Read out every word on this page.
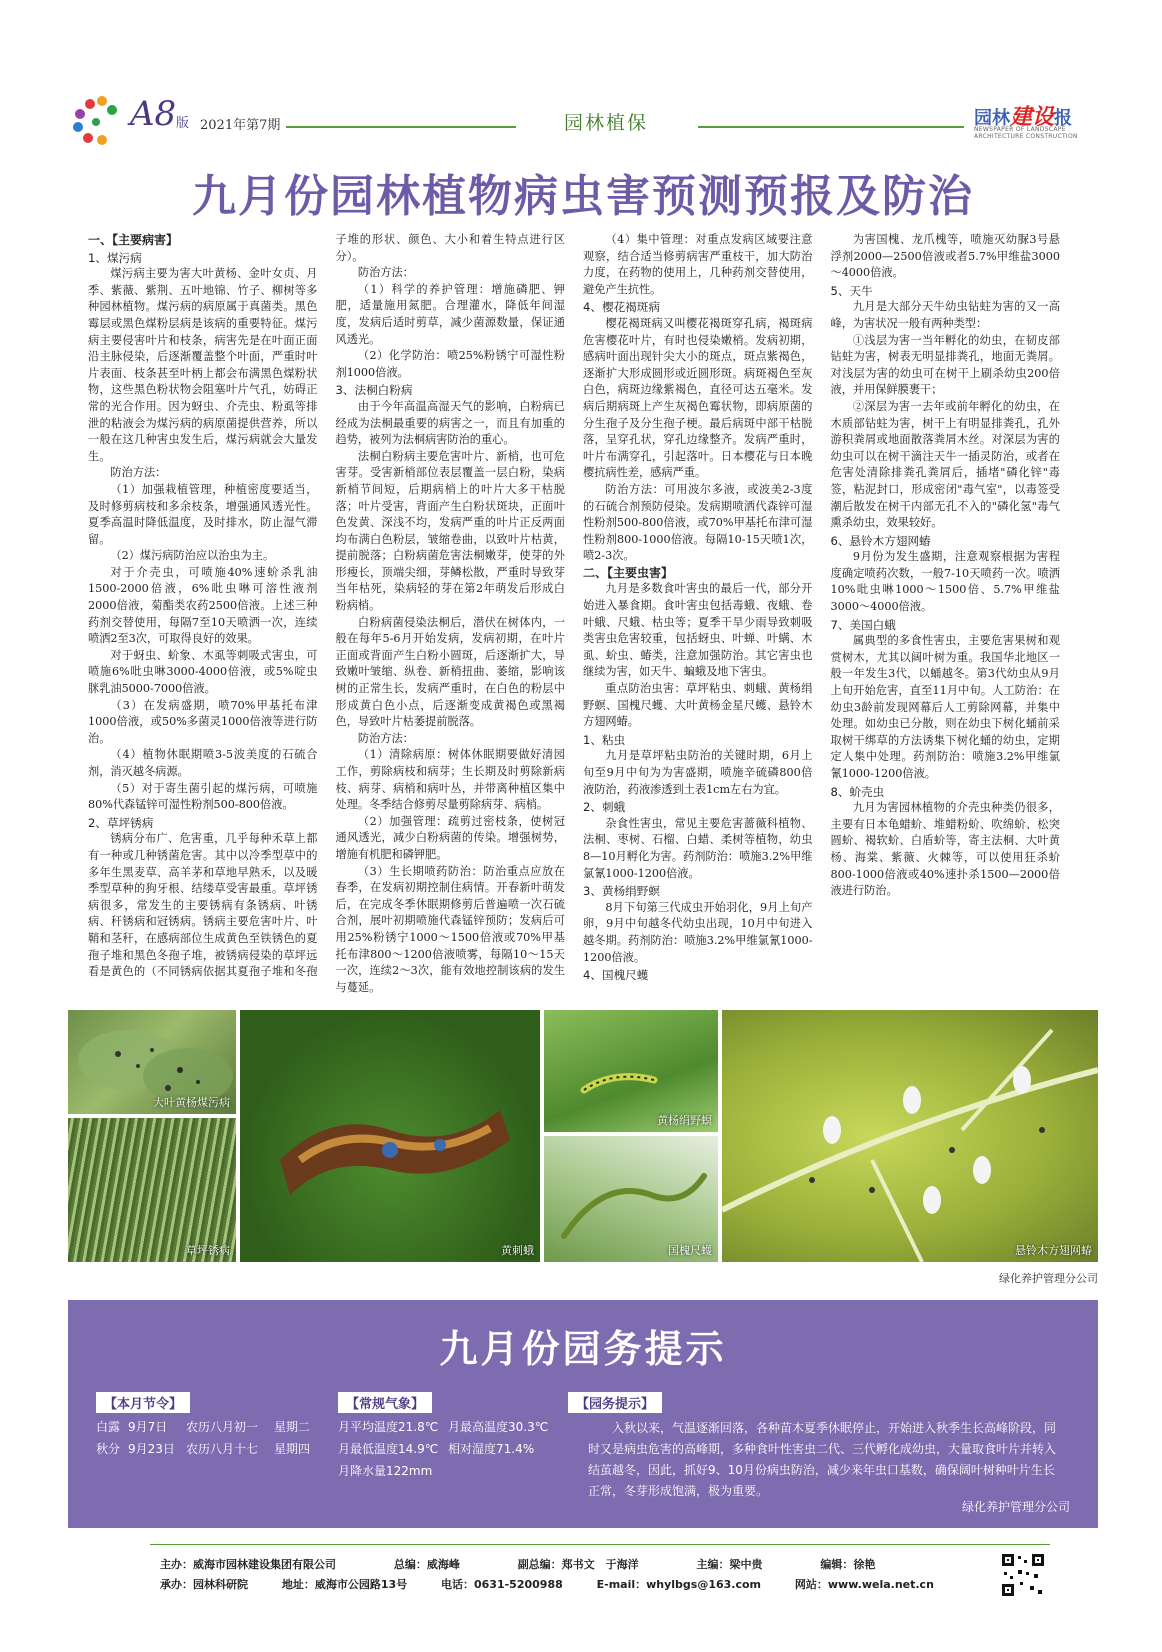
A8 版 2021年第7期	园林植保	园林建设报
NEWSPAPER OF LANDSCAPE ARCHITECTURE CONSTRUCTION
九月份园林植物病虫害预测预报及防治

一、【主要病害】

1、煤污病

煤污病主要为害大叶黄杨、金叶女贞、月季、紫薇、紫荆、五叶地锦、竹子、柳树等多种园林植物。煤污病的病原属于真菌类。黑色霉层或黑色煤粉层病是该病的重要特征。煤污病主要侵害叶片和枝条，病害先是在叶面正面沿主脉侵染，后逐渐覆盖整个叶面，严重时叶片表面、枝条甚至叶柄上都会布满黑色煤粉状物，这些黑色粉状物会阻塞叶片气孔，妨碍正常的光合作用。因为蚜虫、介壳虫、粉虱等排泄的粘液会为煤污病的病原菌提供营养，所以一般在这几种害虫发生后，煤污病就会大量发生。

防治方法：

（1）加强栽植管理，种植密度要适当，及时修剪病枝和多余枝条，增强通风透光性。夏季高温时降低温度，及时排水，防止湿气滞留。

（2）煤污病防治应以治虫为主。

对于介壳虫，可喷施40%速蚧杀乳油1500-2000倍液，6%吡虫啉可溶性液剂2000倍液，菊酯类农药2500倍液。上述三种药剂交替使用，每隔7至10天喷洒一次，连续喷洒2至3次，可取得良好的效果。

对于蚜虫、蚧象、木虱等刺吸式害虫，可喷施6%吡虫啉3000-4000倍液，或5%啶虫脒乳油5000-7000倍液。

（3）在发病盛期，喷70%甲基托布津1000倍液，或50%多菌灵1000倍液等进行防治。

（4）植物休眠期喷3-5波美度的石硫合剂，消灭越冬病源。

（5）对于寄生菌引起的煤污病，可喷施80%代森锰锌可湿性粉剂500-800倍液。

2、草坪锈病

锈病分布广、危害重，几乎每种禾草上都有一种或几种锈菌危害。其中以冷季型草中的多年生黑麦草、高羊茅和草地早熟禾，以及暖季型草种的狗牙根、结缕草受害最重。草坪锈病很多，常发生的主要锈病有条锈病、叶锈病、秆锈病和冠锈病。锈病主要危害叶片、叶鞘和茎秆，在感病部位生成黄色至铁锈色的夏孢子堆和黑色冬孢子堆，被锈病侵染的草坪远看是黄色的（不同锈病依据其夏孢子堆和冬孢子堆的形状、颜色、大小和着生特点进行区分）。

防治方法：

（1）科学的养护管理：增施磷肥、钾肥，适量施用氮肥。合理灌水，降低年间湿度，发病后适时剪草，减少菌源数量，保证通风透光。

（2）化学防治：喷25%粉锈宁可湿性粉剂1000倍液。

3、法桐白粉病

由于今年高温高湿天气的影响，白粉病已经成为法桐最重要的病害之一，而且有加重的趋势，被列为法桐病害防治的重心。

法桐白粉病主要危害叶片、新梢，也可危害芽。受害新梢部位表层覆盖一层白粉，染病新梢节间短，后期病梢上的叶片大多干枯脱落；叶片受害，背面产生白粉状斑块，正面叶色发黄、深浅不均，发病严重的叶片正反两面均布满白色粉层，皱缩卷曲，以致叶片枯黄，提前脱落；白粉病菌危害法桐嫩芽，使芽的外形瘦长，顶端尖细，芽鳞松散，严重时导致芽当年枯死，染病轻的芽在第2年萌发后形成白粉病梢。

白粉病菌侵染法桐后，潜伏在树体内，一般在每年5-6月开始发病，发病初期，在叶片正面或背面产生白粉小圆斑，后逐渐扩大，导致嫩叶皱缩、纵卷、新梢扭曲、萎缩，影响该树的正常生长，发病严重时，在白色的粉层中形成黄白色小点，后逐渐变成黄褐色或黑褐色，导致叶片枯萎提前脱落。

防治方法：

（1）清除病原：树体休眠期要做好清园工作，剪除病枝和病芽；生长期及时剪除新病枝、病芽、病梢和病叶丛，并带离种植区集中处理。冬季结合修剪尽量剪除病芽、病梢。

（2）加强管理：疏剪过密枝条，使树冠通风透光，减少白粉病菌的传染。增强树势，增施有机肥和磷钾肥。

（3）生长期喷药防治：防治重点应放在春季，在发病初期控制住病情。开春新叶萌发后，在完成冬季休眠期修剪后普遍喷一次石硫合剂，展叶初期喷施代森锰锌预防；发病后可用25%粉锈宁1000～1500倍液或70%甲基托布津800～1200倍液喷雾，每隔10～15天一次，连续2～3次，能有效地控制该病的发生与蔓延。

（4）集中管理：对重点发病区域要注意观察，结合适当修剪病害严重枝干，加大防治力度，在药物的使用上，几种药剂交替使用，避免产生抗性。

4、樱花褐斑病

樱花褐斑病又叫樱花褐斑穿孔病，褐斑病危害樱花叶片，有时也侵染嫩梢。发病初期，感病叶面出现针尖大小的斑点，斑点紫褐色，逐渐扩大形成圆形或近圆形斑。病斑褐色至灰白色，病斑边缘紫褐色，直径可达五毫米。发病后期病斑上产生灰褐色霉状物，即病原菌的分生孢子及分生孢子梗。最后病斑中部干枯脱落，呈穿孔状，穿孔边缘整齐。发病严重时，叶片布满穿孔，引起落叶。日本樱花与日本晚樱抗病性差，感病严重。

防治方法：可用波尔多液，或波美2-3度的石硫合剂预防侵染。发病期喷洒代森锌可湿性粉剂500-800倍液，或70%甲基托布津可湿性粉剂800-1000倍液。每隔10-15天喷1次，喷2-3次。

二、【主要虫害】

九月是多数食叶害虫的最后一代，部分开始进入暴食期。食叶害虫包括毒蛾、夜蛾、卷叶蛾、尺蛾、枯虫等；夏季干旱少雨导致刺吸类害虫危害较重，包括蚜虫、叶蝉、叶螨、木虱、蚧虫、蝽类，注意加强防治。其它害虫也继续为害，如天牛、蝙蛾及地下害虫。

重点防治虫害：草坪粘虫、刺蛾、黄杨绢野螟、国槐尺蠖、大叶黄杨金星尺蠖、悬铃木方翅网蝽。

1、粘虫

九月是草坪粘虫防治的关键时期，6月上旬至9月中旬为为害盛期，喷施辛硫磷800倍液防治，药液渗透到土表1cm左右为宜。

2、刺蛾

杂食性害虫，常见主要危害蔷薇科植物、法桐、枣树、石榴、白蜡、柔树等植物，幼虫8—10月孵化为害。药剂防治：喷施3.2%甲维氯氰1000-1200倍液。

3、黄杨绢野螟

8月下旬第三代成虫开始羽化，9月上旬产卵，9月中旬越冬代幼虫出现，10月中旬进入越冬期。药剂防治：喷施3.2%甲维氯氰1000-1200倍液。

4、国槐尺蠖

为害国槐、龙爪槐等，喷施灭幼脲3号悬浮剂2000—2500倍液或者5.7%甲维盐3000～4000倍液。

5、天牛

九月是大部分天牛幼虫钻蛀为害的又一高峰，为害状况一般有两种类型：

①浅层为害一当年孵化的幼虫，在韧皮部钻蛀为害，树表无明显排粪孔，地面无粪屑。对浅层为害的幼虫可在树干上刷杀幼虫200倍液，并用保鲜膜裹干；

②深层为害一去年或前年孵化的幼虫，在木质部钻蛀为害，树干上有明显排粪孔，孔外游积粪屑或地面散落粪屑木丝。对深层为害的幼虫可以在树干滴注天牛一插灵防治，或者在危害处清除排粪孔粪屑后，插堵"磷化锌"毒签，粘泥封口，形成密闭"毒气室"，以毒签受潮后散发在树干内部无孔不入的"磷化氢"毒气熏杀幼虫，效果较好。

6、悬铃木方翅网蝽

9月份为发生盛期，注意观察根据为害程度确定喷药次数，一般7-10天喷药一次。喷洒10%吡虫啉1000～1500倍、5.7%甲维盐3000～4000倍液。

7、美国白蛾

属典型的多食性害虫，主要危害果树和观赏树木，尤其以阔叶树为重。我国华北地区一般一年发生3代，以蛹越冬。第3代幼虫从9月上旬开始危害，直至11月中旬。人工防治：在幼虫3龄前发现网幕后人工剪除网幕，并集中处理。如幼虫已分散，则在幼虫下树化蛹前采取树干绑草的方法诱集下树化蛹的幼虫，定期定人集中处理。药剂防治：喷施3.2%甲维氯氰1000-1200倍液。

8、蚧壳虫

九月为害园林植物的介壳虫种类仍很多，主要有日本龟蜡蚧、堆蜡粉蚧、吹绵蚧、松突圆蚧、褐软蚧、白盾蚧等，寄主法桐、大叶黄杨、海棠、紫薇、火棘等，可以使用狂杀蚧800-1000倍液或40%速扑杀1500—2000倍液进行防治。

大叶黄杨煤污病
草坪锈病	黄刺蛾
黄杨绢野螟
国槐尺蠖	悬铃木方翅网蝽
绿化养护管理分公司
九月份园务提示
【本月节令】
白露 9月7日 农历八月初一 星期二
秋分 9月23日 农历八月十七 星期四
【常规气象】
月平均温度21.8℃ 月最高温度30.3℃
月最低温度14.9℃ 相对湿度71.4%
月降水量122mm
【园务提示】
入秋以来，气温逐渐回落，各种苗木夏季休眠停止，开始进入秋季生长高峰阶段，同时又是病虫危害的高峰期，多种食叶性害虫二代、三代孵化成幼虫，大量取食叶片并转入结茧越冬，因此，抓好9、10月份病虫防治，减少来年虫口基数，确保阔叶树种叶片生长正常，冬芽形成饱满，极为重要。
绿化养护管理分公司
主办：威海市园林建设集团有限公司	总编：威海峰	副总编：郑书文　于海洋	主编：梁中贵	编辑：徐艳
承办：园林科研院	地址：威海市公园路13号	电话：0631-5200988	E-mail：whylbgs@163.com	网站：www.wela.net.cn
